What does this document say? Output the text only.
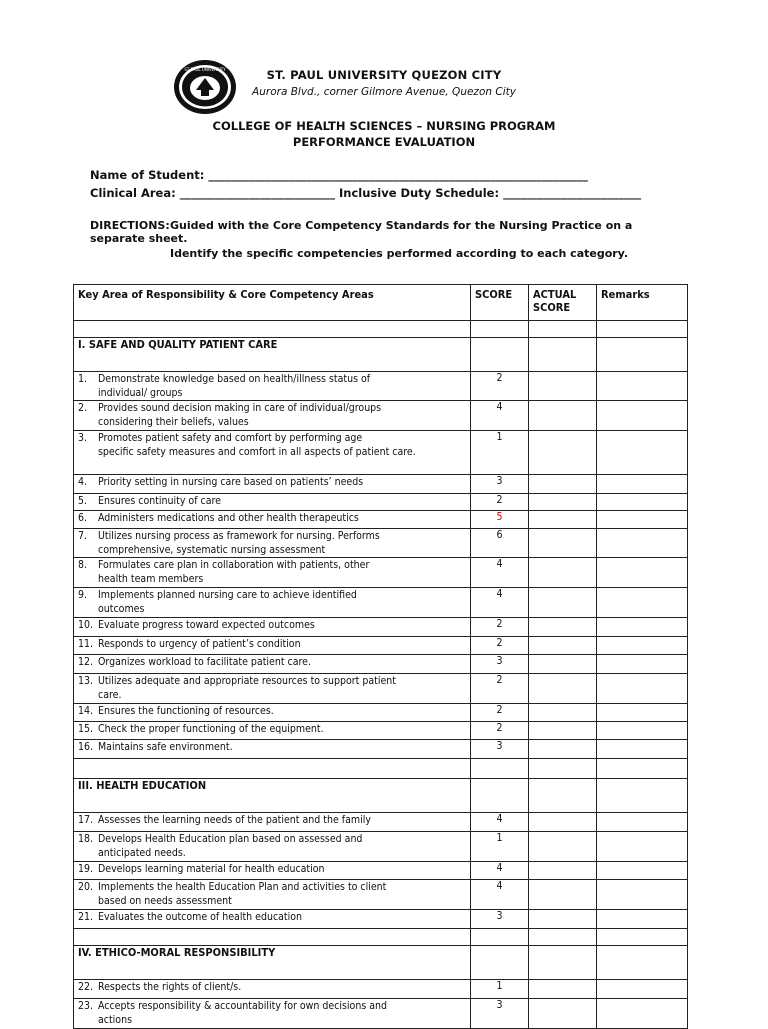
ST PAUL UNIVERSITY	ST. PAUL UNIVERSITY QUEZON CITY
Aurora Blvd., corner Gilmore Avenue, Quezon City
COLLEGE OF HEALTH SCIENCES – NURSING PROGRAM
PERFORMANCE EVALUATION
Name of Student: __________________________________________________________________
Clinical Area: ___________________________ Inclusive Duty Schedule: ________________________
DIRECTIONS:Guided with the Core Competency Standards for the Nursing Practice on a separate sheet.
Identify the specific competencies performed according to each category.
Key Area of Responsibility & Core Competency Areas	SCORE	ACTUAL SCORE	Remarks

I. SAFE AND QUALITY PATIENT CARE			
1. Demonstrate knowledge based on health/illness status of
individual/ groups	2		
2. Provides sound decision making in care of individual/groups
considering their beliefs, values	4		
3. Promotes patient safety and comfort by performing age
specific safety measures and comfort in all aspects of patient care.	1		
4. Priority setting in nursing care based on patients’ needs	3		
5. Ensures continuity of care	2		
6. Administers medications and other health therapeutics	5		
7. Utilizes nursing process as framework for nursing. Performs
comprehensive, systematic nursing assessment	6		
8. Formulates care plan in collaboration with patients, other
health team members	4		
9. Implements planned nursing care to achieve identified
outcomes	4		
10. Evaluate progress toward expected outcomes	2		
11. Responds to urgency of patient’s condition	2		
12. Organizes workload to facilitate patient care.	3		
13. Utilizes adequate and appropriate resources to support patient
care.	2		
14. Ensures the functioning of resources.	2		
15. Check the proper functioning of the equipment.	2		
16. Maintains safe environment.	3		

III. HEALTH EDUCATION			
17. Assesses the learning needs of the patient and the family	4		
18. Develops Health Education plan based on assessed and
anticipated needs.	1		
19. Develops learning material for health education	4		
20. Implements the health Education Plan and activities to client
based on needs assessment	4		
21. Evaluates the outcome of health education	3		

IV. ETHICO-MORAL RESPONSIBILITY			
22. Respects the rights of client/s.	1		
23. Accepts responsibility & accountability for own decisions and
actions	3		
